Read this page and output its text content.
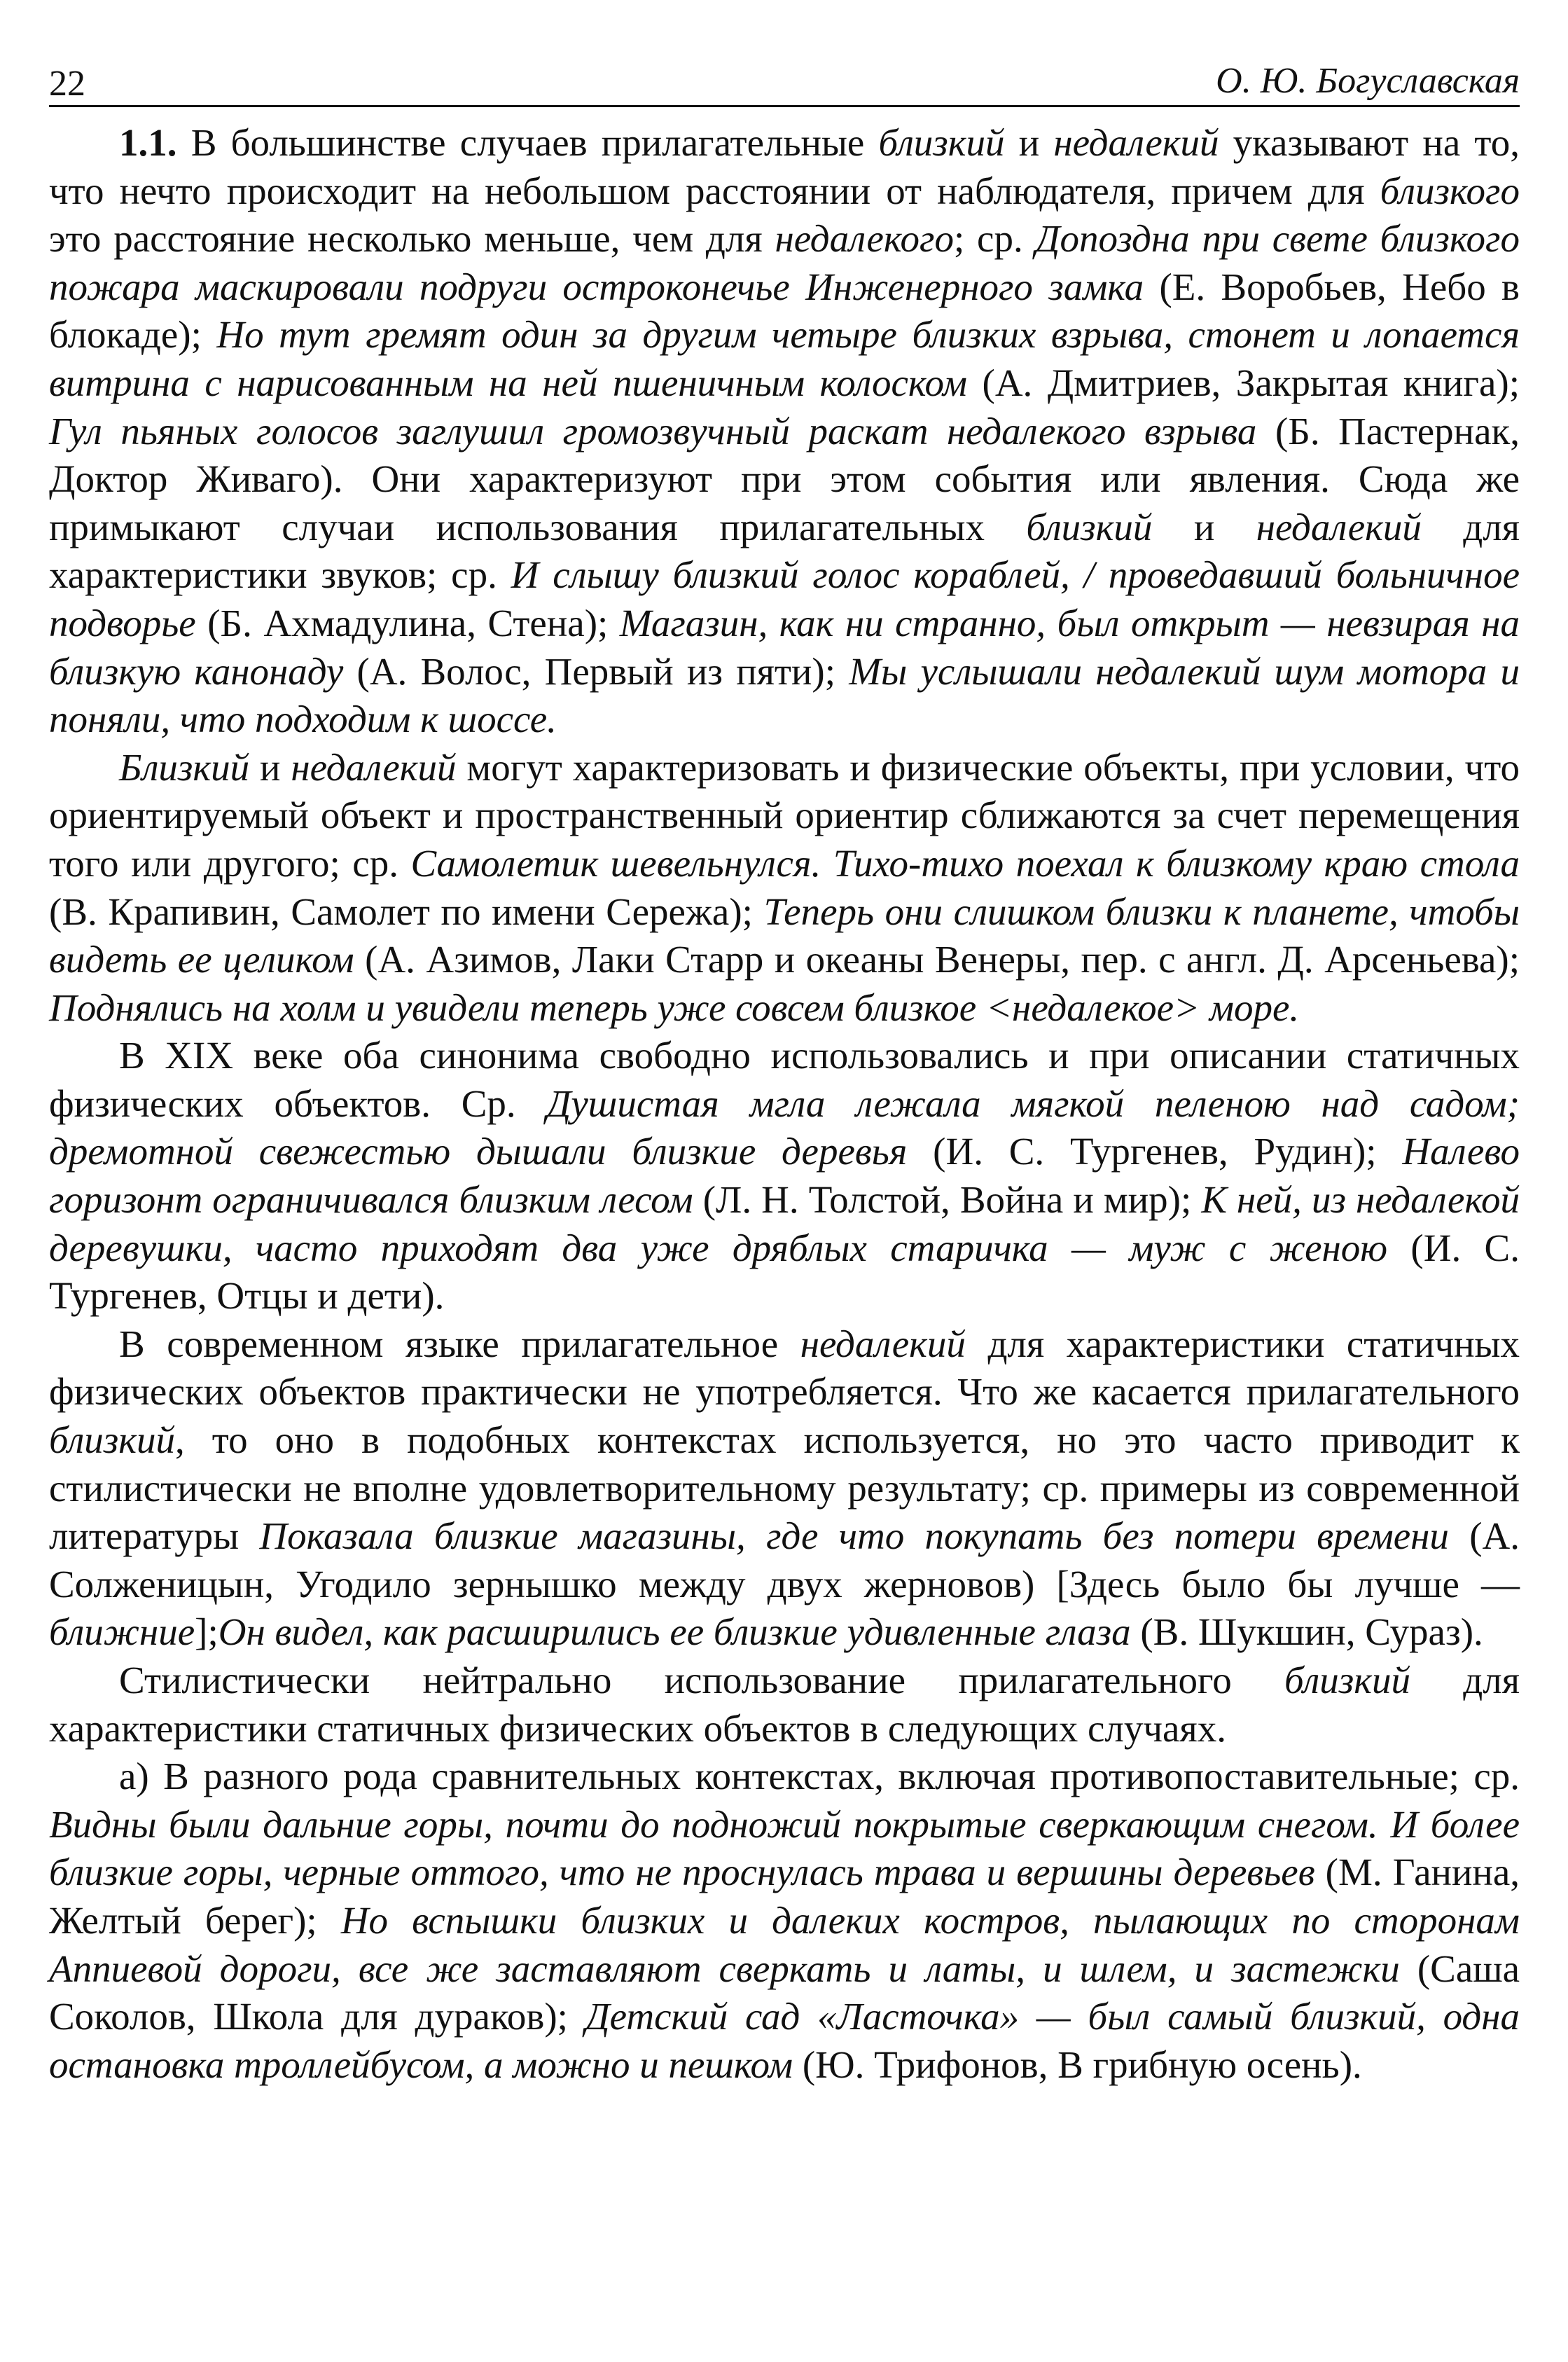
22	О. Ю. Богуславская

1.1. В большинстве случаев прилагательные близкий и недалекий указывают на то, что нечто происходит на небольшом расстоянии от наблюдателя, причем для близкого это расстояние несколько меньше, чем для недалекого; ср. Допоздна при свете близкого пожара маскировали подруги остроконечье Инженерного замка (Е. Воробьев, Небо в блокаде); Но тут гремят один за другим четыре близких взрыва, стонет и лопается витрина с нарисованным на ней пшеничным колоском (А. Дмитриев, Закрытая книга); Гул пьяных голосов заглушил громозвучный раскат недалекого взрыва (Б. Пастернак, Доктор Живаго). Они характеризуют при этом события или явления. Сюда же примыкают случаи использования прилагательных близкий и недалекий для характеристики звуков; ср. И слышу близкий голос кораблей, / проведавший больничное подворье (Б. Ахмадулина, Стена); Магазин, как ни странно, был открыт — невзирая на близкую канонаду (А. Волос, Первый из пяти); Мы услышали недалекий шум мотора и поняли, что подходим к шоссе.

Близкий и недалекий могут характеризовать и физические объекты, при условии, что ориентируемый объект и пространственный ориентир сближаются за счет перемещения того или другого; ср. Самолетик шевельнулся. Тихо-тихо поехал к близкому краю стола (В. Крапивин, Самолет по имени Сережа); Теперь они слишком близки к планете, чтобы видеть ее целиком (А. Азимов, Лаки Старр и океаны Венеры, пер. с англ. Д. Арсеньева); Поднялись на холм и увидели теперь уже совсем близкое <недалекое> море.

В XIX веке оба синонима свободно использовались и при описании статичных физических объектов. Ср. Душистая мгла лежала мягкой пеленою над садом; дремотной свежестью дышали близкие деревья (И. С. Тургенев, Рудин); Налево горизонт ограничивался близким лесом (Л. Н. Толстой, Война и мир); К ней, из недалекой деревушки, часто приходят два уже дряблых старичка — муж с женою (И. С. Тургенев, Отцы и дети).

В современном языке прилагательное недалекий для характеристики статичных физических объектов практически не употребляется. Что же касается прилагательного близкий, то оно в подобных контекстах используется, но это часто приводит к стилистически не вполне удовлетворительному результату; ср. примеры из современной литературы Показала близкие магазины, где что покупать без потери времени (А. Солженицын, Угодило зернышко между двух жерновов) [Здесь было бы лучше — ближние];Он видел, как расширились ее близкие удивленные глаза (В. Шукшин, Сураз).

Стилистически нейтрально использование прилагательного близкий для характеристики статичных физических объектов в следующих случаях.

а) В разного рода сравнительных контекстах, включая противопоставительные; ср. Видны были дальние горы, почти до подножий покрытые сверкающим снегом. И более близкие горы, черные оттого, что не проснулась трава и вершины деревьев (М. Ганина, Желтый берег); Но вспышки близких и далеких костров, пылающих по сторонам Аппиевой дороги, все же заставляют сверкать и латы, и шлем, и застежки (Саша Соколов, Школа для дураков); Детский сад «Ласточка» — был самый близкий, одна остановка троллейбусом, а можно и пешком (Ю. Трифонов, В грибную осень).
